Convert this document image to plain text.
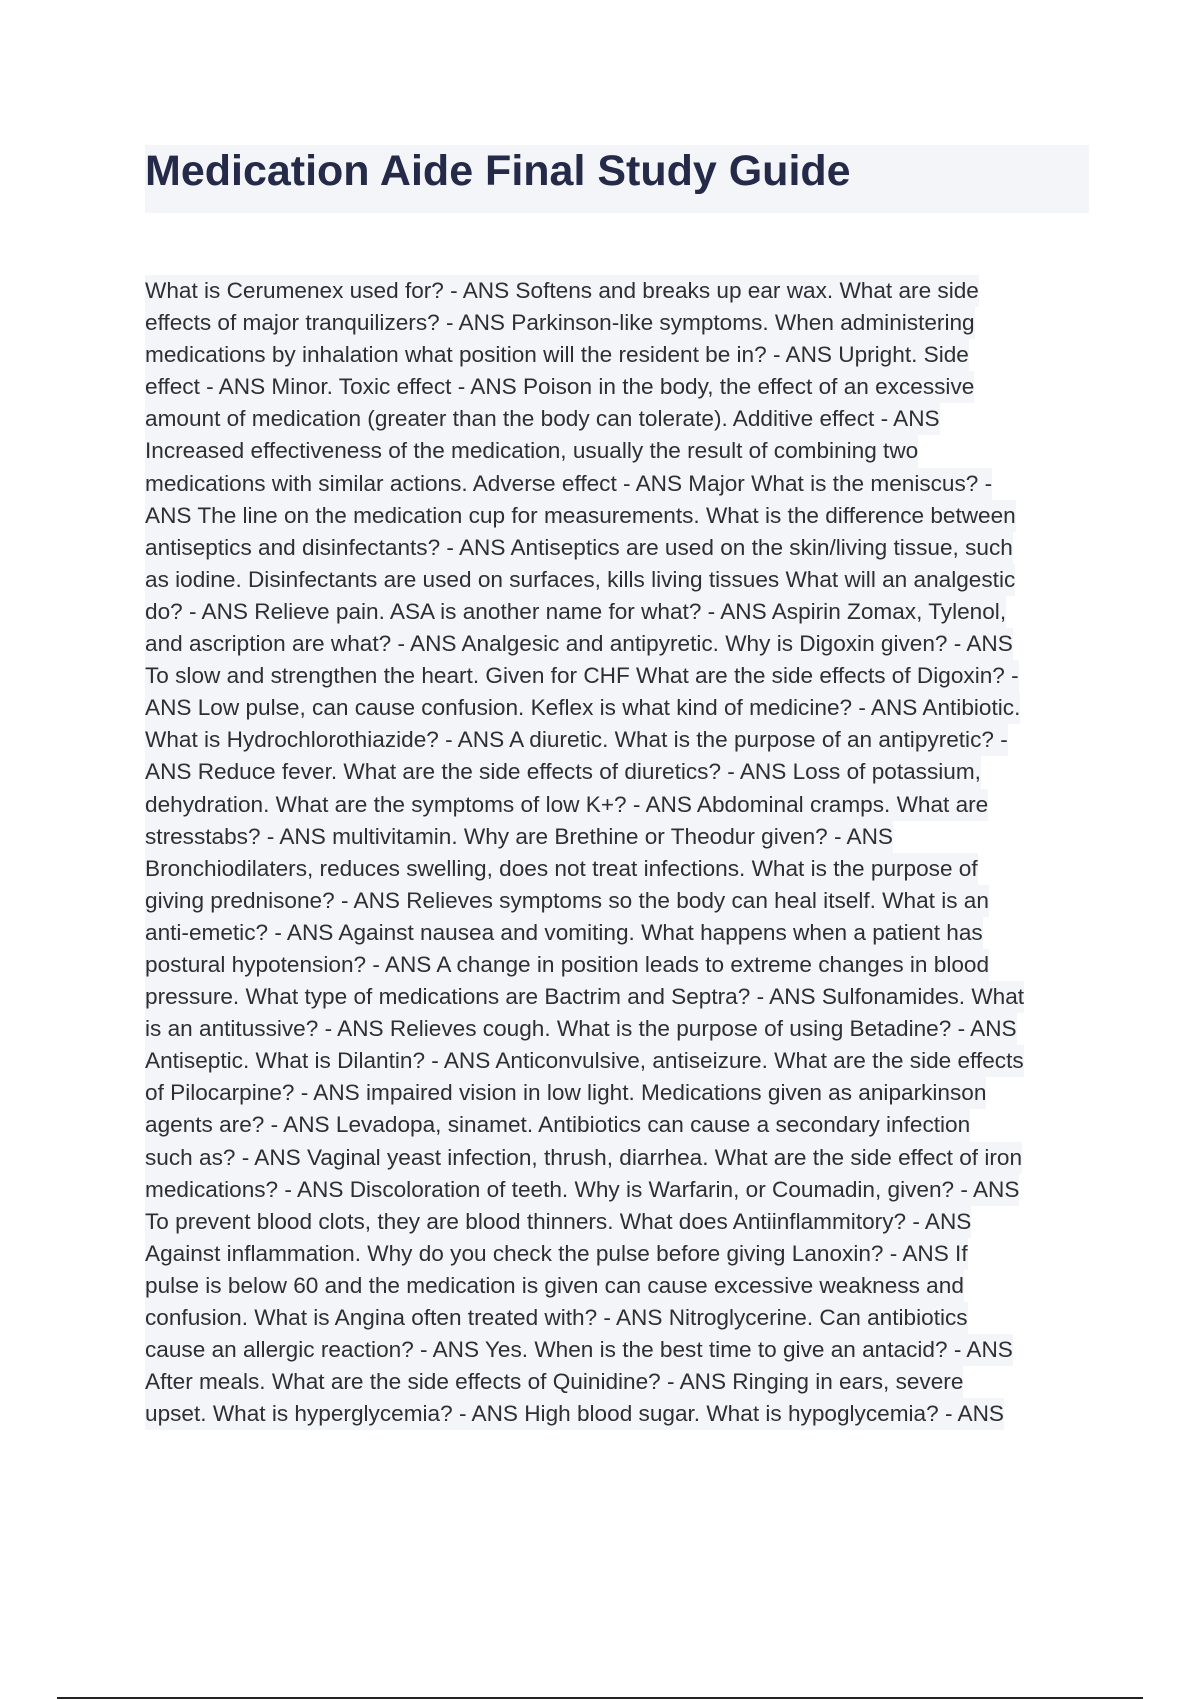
Medication Aide Final Study Guide
What is Cerumenex used for? - ANS Softens and breaks up ear wax. What are side
effects of major tranquilizers? - ANS Parkinson-like symptoms. When administering
medications by inhalation what position will the resident be in? - ANS Upright. Side
effect - ANS Minor. Toxic effect - ANS Poison in the body, the effect of an excessive
amount of medication (greater than the body can tolerate). Additive effect - ANS
Increased effectiveness of the medication, usually the result of combining two
medications with similar actions. Adverse effect - ANS Major What is the meniscus? -
ANS The line on the medication cup for measurements. What is the difference between
antiseptics and disinfectants? - ANS Antiseptics are used on the skin/living tissue, such
as iodine. Disinfectants are used on surfaces, kills living tissues What will an analgestic
do? - ANS Relieve pain. ASA is another name for what? - ANS Aspirin Zomax, Tylenol,
and ascription are what? - ANS Analgesic and antipyretic. Why is Digoxin given? - ANS
To slow and strengthen the heart. Given for CHF What are the side effects of Digoxin? -
ANS Low pulse, can cause confusion. Keflex is what kind of medicine? - ANS Antibiotic.
What is Hydrochlorothiazide? - ANS A diuretic. What is the purpose of an antipyretic? -
ANS Reduce fever. What are the side effects of diuretics? - ANS Loss of potassium,
dehydration. What are the symptoms of low K+? - ANS Abdominal cramps. What are
stresstabs? - ANS multivitamin. Why are Brethine or Theodur given? - ANS
Bronchiodilaters, reduces swelling, does not treat infections. What is the purpose of
giving prednisone? - ANS Relieves symptoms so the body can heal itself. What is an
anti-emetic? - ANS Against nausea and vomiting. What happens when a patient has
postural hypotension? - ANS A change in position leads to extreme changes in blood
pressure. What type of medications are Bactrim and Septra? - ANS Sulfonamides. What
is an antitussive? - ANS Relieves cough. What is the purpose of using Betadine? - ANS
Antiseptic. What is Dilantin? - ANS Anticonvulsive, antiseizure. What are the side effects
of Pilocarpine? - ANS impaired vision in low light. Medications given as aniparkinson
agents are? - ANS Levadopa, sinamet. Antibiotics can cause a secondary infection
such as? - ANS Vaginal yeast infection, thrush, diarrhea. What are the side effect of iron
medications? - ANS Discoloration of teeth. Why is Warfarin, or Coumadin, given? - ANS
To prevent blood clots, they are blood thinners. What does Antiinflammitory? - ANS
Against inflammation. Why do you check the pulse before giving Lanoxin? - ANS If
pulse is below 60 and the medication is given can cause excessive weakness and
confusion. What is Angina often treated with? - ANS Nitroglycerine. Can antibiotics
cause an allergic reaction? - ANS Yes. When is the best time to give an antacid? - ANS
After meals. What are the side effects of Quinidine? - ANS Ringing in ears, severe
upset. What is hyperglycemia? - ANS High blood sugar. What is hypoglycemia? - ANS
